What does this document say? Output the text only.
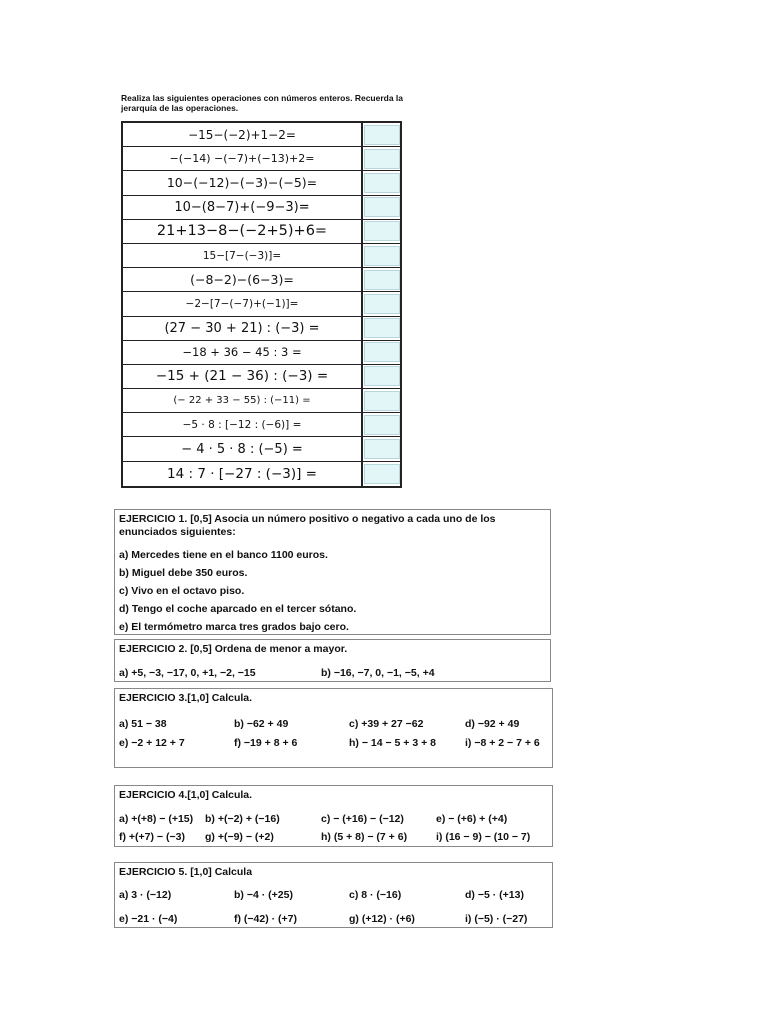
Realiza las siguientes operaciones con números enteros. Recuerda la jerarquía de las operaciones.
−15−(−2)+1−2=
−(−14) −(−7)+(−13)+2=
10−(−12)−(−3)−(−5)=
10−(8−7)+(−9−3)=
21+13−8−(−2+5)+6=
15−[7−(−3)]=
(−8−2)−(6−3)=
−2−[7−(−7)+(−1)]=
(27 − 30 + 21) : (−3) =
−18 + 36 − 45 : 3 =
−15 + (21 − 36) : (−3) =
(− 22 + 33 − 55) : (−11) =
−5 · 8 : [−12 : (−6)] =
− 4 · 5 · 8 : (−5) =
14 : 7 · [−27 : (−3)] =
EJERCICIO 1. [0,5] Asocia un número positivo o negativo a cada uno de los enunciados siguientes:
a) Mercedes tiene en el banco 1100 euros.
b) Miguel debe 350 euros.
c) Vivo en el octavo piso.
d) Tengo el coche aparcado en el tercer sótano.
e) El termómetro marca tres grados bajo cero.
EJERCICIO 2. [0,5] Ordena de menor a mayor.
a) +5, −3, −17, 0, +1, −2, −15	b) −16, −7, 0, −1, −5, +4
EJERCICIO 3.[1,0] Calcula.
a) 51 − 38	b) −62 + 49	c) +39 + 27 −62	d) −92 + 49
e) −2 + 12 + 7	f) −19 + 8 + 6	h) − 14 − 5 + 3 + 8	i) −8 + 2 − 7 + 6
EJERCICIO 4.[1,0] Calcula.
a) +(+8) − (+15) b) +(−2) + (−16)	c) − (+16) − (−12)	e) − (+6) + (+4)
f) +(+7) − (−3) g) +(−9) − (+2)	h) (5 + 8) − (7 + 6)	i) (16 − 9) − (10 − 7)
EJERCICIO 5. [1,0] Calcula
a) 3 · (−12)	b) −4 · (+25)	c) 8 · (−16)	d) −5 · (+13)
e) −21 · (−4)	f) (−42) · (+7)	g) (+12) · (+6)	i) (−5) · (−27)
